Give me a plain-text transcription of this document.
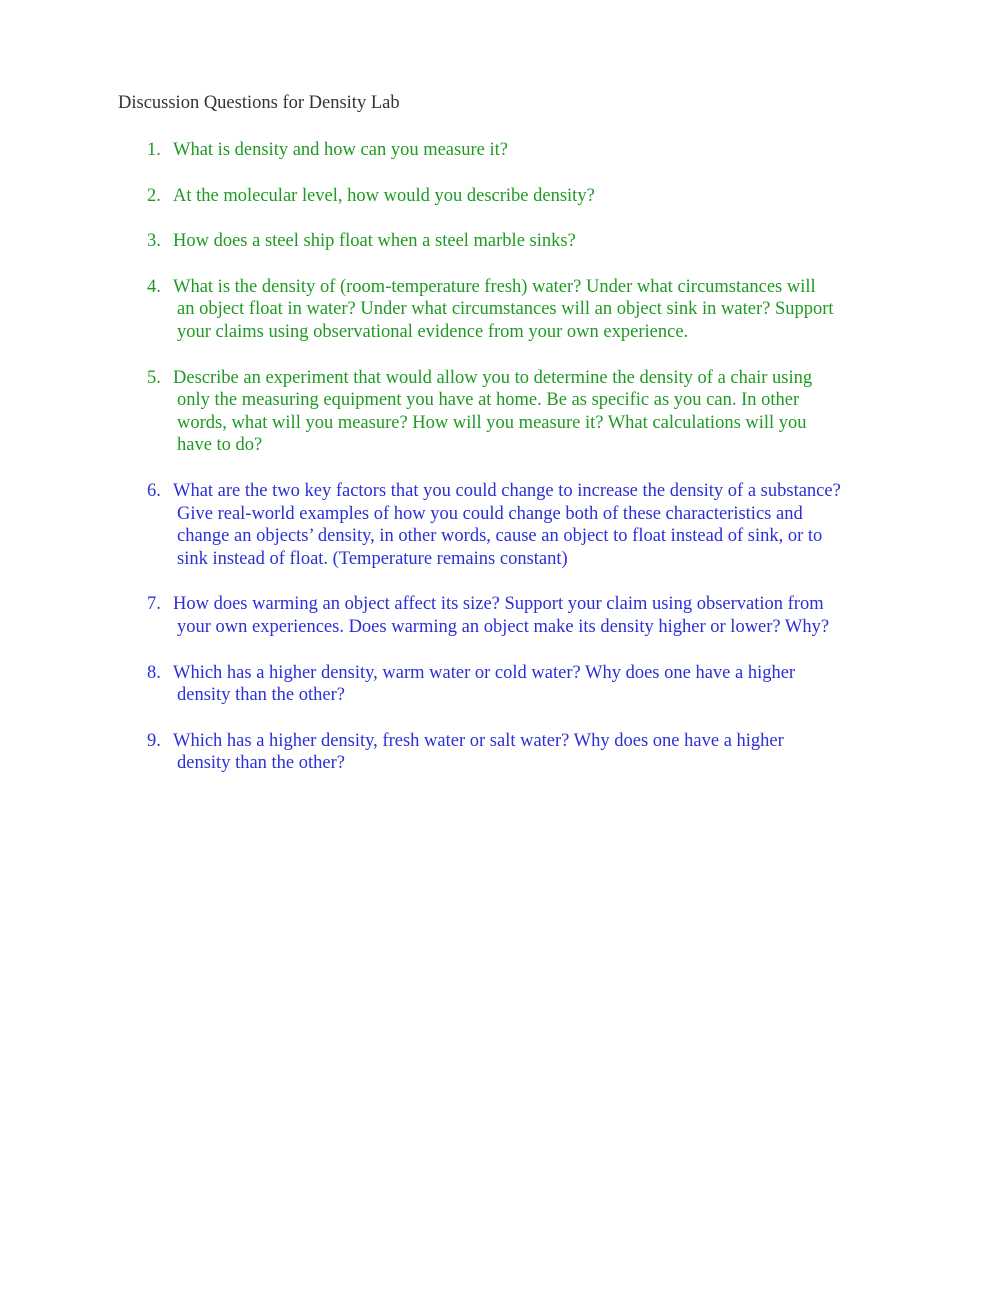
Discussion Questions for Density Lab
1. What is density and how can you measure it?
2. At the molecular level, how would you describe density?
3. How does a steel ship float when a steel marble sinks?
4. What is the density of (room-temperature fresh) water? Under what circumstances will
an object float in water? Under what circumstances will an object sink in water? Support
your claims using observational evidence from your own experience.
5. Describe an experiment that would allow you to determine the density of a chair using
only the measuring equipment you have at home. Be as specific as you can. In other
words, what will you measure? How will you measure it? What calculations will you
have to do?
6. What are the two key factors that you could change to increase the density of a substance?
Give real-world examples of how you could change both of these characteristics and
change an objects’ density, in other words, cause an object to float instead of sink, or to
sink instead of float. (Temperature remains constant)
7. How does warming an object affect its size? Support your claim using observation from
your own experiences. Does warming an object make its density higher or lower? Why?
8. Which has a higher density, warm water or cold water? Why does one have a higher
density than the other?
9. Which has a higher density, fresh water or salt water? Why does one have a higher
density than the other?
